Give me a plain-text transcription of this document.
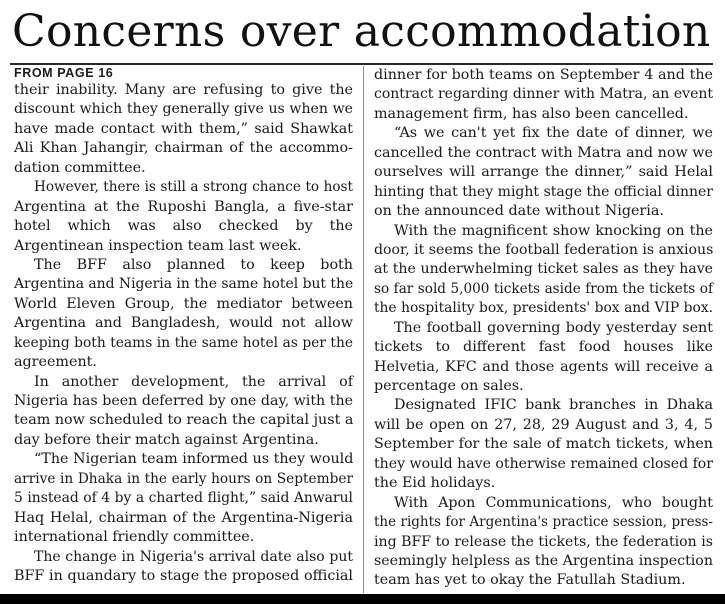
Concerns over accommodation
FROM PAGE 16
their inability. Many are refusing to give the
discount which they generally give us when we
have made contact with them,” said Shawkat
Ali Khan Jahangir, chairman of the accommo-
dation committee.
However, there is still a strong chance to host
Argentina at the Ruposhi Bangla, a five-star
hotel which was also checked by the
Argentinean inspection team last week.
The BFF also planned to keep both
Argentina and Nigeria in the same hotel but the
World Eleven Group, the mediator between
Argentina and Bangladesh, would not allow
keeping both teams in the same hotel as per the
agreement.
In another development, the arrival of
Nigeria has been deferred by one day, with the
team now scheduled to reach the capital just a
day before their match against Argentina.
“The Nigerian team informed us they would
arrive in Dhaka in the early hours on September
5 instead of 4 by a charted flight,” said Anwarul
Haq Helal, chairman of the Argentina-Nigeria
international friendly committee.
The change in Nigeria's arrival date also put
BFF in quandary to stage the proposed official
dinner for both teams on September 4 and the
contract regarding dinner with Matra, an event
management firm, has also been cancelled.
“As we can't yet fix the date of dinner, we
cancelled the contract with Matra and now we
ourselves will arrange the dinner,” said Helal
hinting that they might stage the official dinner
on the announced date without Nigeria.
With the magnificent show knocking on the
door, it seems the football federation is anxious
at the underwhelming ticket sales as they have
so far sold 5,000 tickets aside from the tickets of
the hospitality box, presidents' box and VIP box.
The football governing body yesterday sent
tickets to different fast food houses like
Helvetia, KFC and those agents will receive a
percentage on sales.
Designated IFIC bank branches in Dhaka
will be open on 27, 28, 29 August and 3, 4, 5
September for the sale of match tickets, when
they would have otherwise remained closed for
the Eid holidays.
With Apon Communications, who bought
the rights for Argentina's practice session, press-
ing BFF to release the tickets, the federation is
seemingly helpless as the Argentina inspection
team has yet to okay the Fatullah Stadium.
